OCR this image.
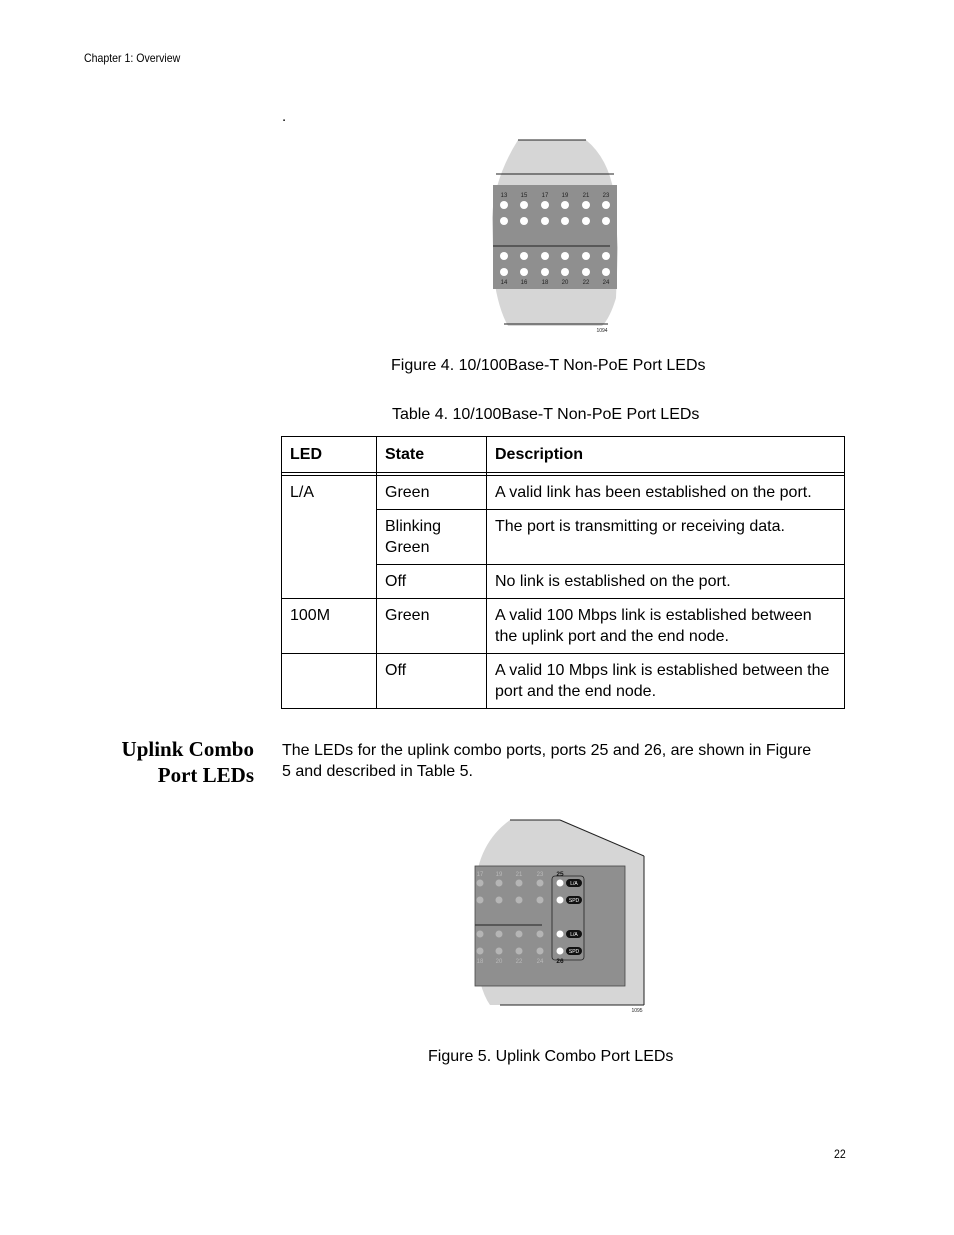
Chapter 1: Overview
.
13 15 17 19 21 23
14 16 18 20 22 24
1094
Figure 4. 10/100Base-T Non-PoE Port LEDs
Table 4. 10/100Base-T Non-PoE Port LEDs
LED	State	Description

L/A	Green	A valid link has been established on the port.
	Blinking Green	The port is transmitting or receiving data.
	Off	No link is established on the port.
100M	Green	A valid 100 Mbps link is established between the uplink port and the end node.
	Off	A valid 10 Mbps link is established between the port and the end node.
Uplink Combo
Port LEDs
The LEDs for the uplink combo ports, ports 25 and 26, are shown in Figure 5 and described in Table 5.
17 19 21 23
18 20 22 24
25
26
L/A
SPD
L/A
SPD
1095
Figure 5. Uplink Combo Port LEDs
22
